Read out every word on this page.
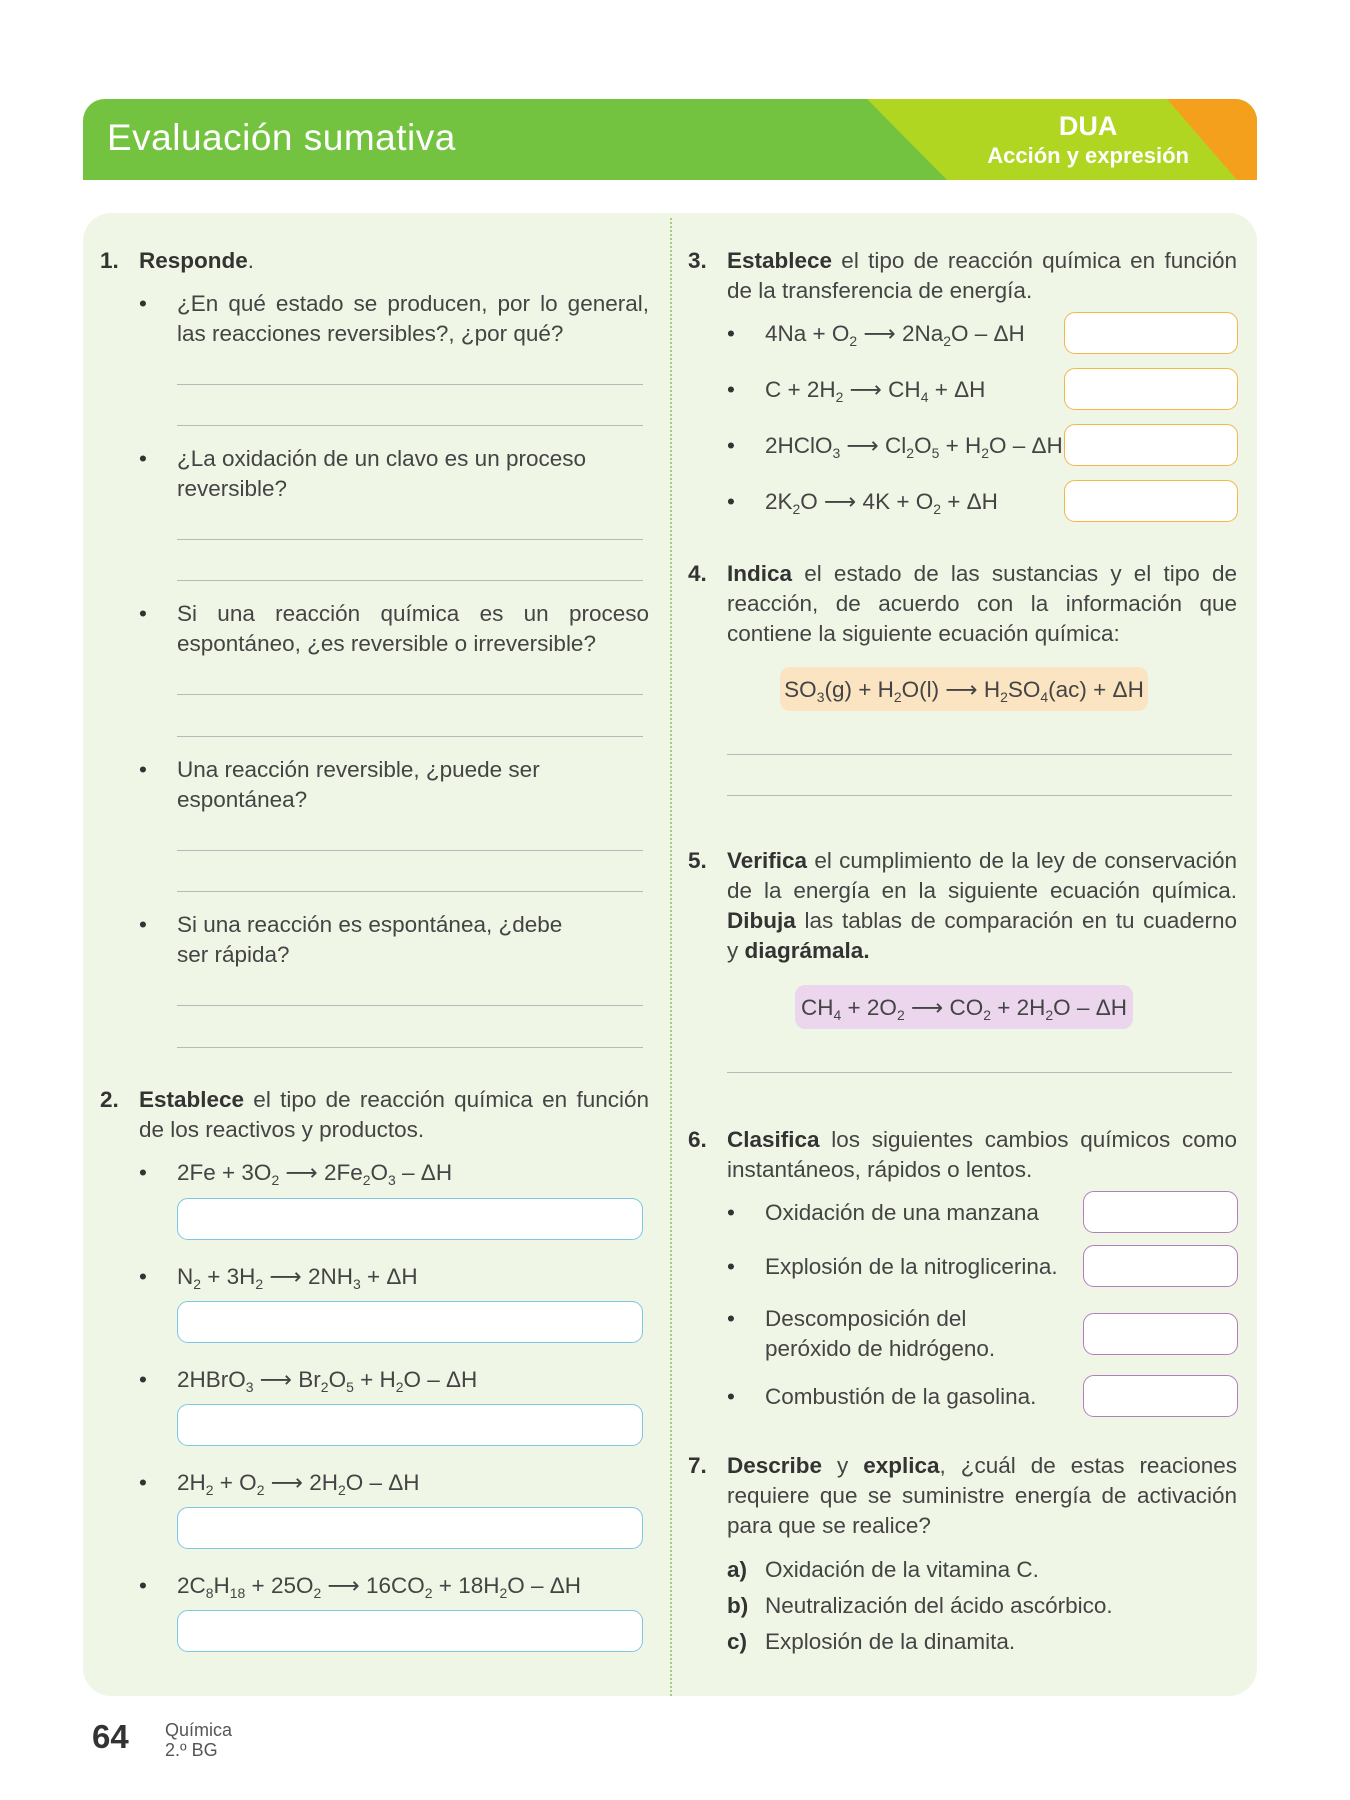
Evaluación sumativa	DUA
Acción y expresión
1. Responde.
• ¿En qué estado se producen, por lo general, las reacciones reversibles?, ¿por qué?
• ¿La oxidación de un clavo es un proceso reversible?
• Si una reacción química es un proceso espontáneo, ¿es reversible o irreversible?
• Una reacción reversible, ¿puede ser espontánea?
• Si una reacción es espontánea, ¿debe ser rápida?
2. Establece el tipo de reacción química en función de los reactivos y productos.
• $2Fe + 3O_2$ ⟶ $2Fe_2O_3$ – ΔH
• $N_2 + 3H_2$ ⟶ $2NH_3 + \Delta H$
• 2HBrO$_3$ ⟶ $Br_2O_5 + H_2O - \Delta H$
• $2H_2 + O_2$ ⟶ $2H_2O$ – ΔH
• $2C_8H_{18} + 25O_2$ ⟶ $16CO_2 + 18H_2O - \Delta H$
3. Establece el tipo de reacción química en función de la transferencia de energía.
• $4Na + O_2$ ⟶ $2Na_2O$ – ΔH
• $C + 2H_2$ ⟶ $CH_4 + \Delta H$
• 2HClO$_3$ ⟶ $Cl_2O_5 + H_2O - \Delta H$
• $2K_2O$ ⟶ $4K + O_2 + \Delta H$
4. Indica el estado de las sustancias y el tipo de reacción, de acuerdo con la información que contiene la siguiente ecuación química:
$SO_3(g) + H_2O(l)$ ⟶ $H_2SO_4(ac) + \Delta H$
5. Verifica el cumplimiento de la ley de conservación de la energía en la siguiente ecuación química. Dibuja las tablas de comparación en tu cuaderno y diagrámala.
$CH_4 + 2O_2$ ⟶ $CO_2 + 2H_2O - \Delta H$
6. Clasifica los siguientes cambios químicos como instantáneos, rápidos o lentos.
• Oxidación de una manzana
• Explosión de la nitroglicerina.
• Descomposición del peróxido de hidrógeno.
• Combustión de la gasolina.
7. Describe y explica, ¿cuál de estas reaciones requiere que se suministre energía de activación para que se realice?
a) Oxidación de la vitamina C.
b) Neutralización del ácido ascórbico.
c) Explosión de la dinamita.
64 Química
2.º BG
